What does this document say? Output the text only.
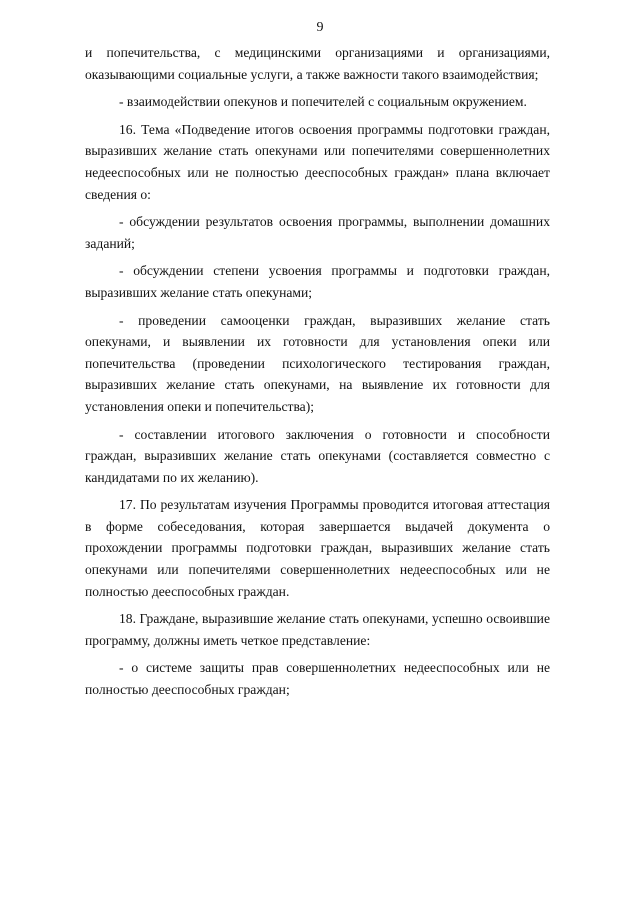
9

и попечительства, с медицинскими организациями и организациями, оказывающими социальные услуги, а также важности такого взаимодействия;

- взаимодействии опекунов и попечителей с социальным окружением.

16. Тема «Подведение итогов освоения программы подготовки граждан, выразивших желание стать опекунами или попечителями совершеннолетних недееспособных или не полностью дееспособных граждан» плана включает сведения о:

- обсуждении результатов освоения программы, выполнении домашних заданий;

- обсуждении степени усвоения программы и подготовки граждан, выразивших желание стать опекунами;

- проведении самооценки граждан, выразивших желание стать опекунами, и выявлении их готовности для установления опеки или попечительства (проведении психологического тестирования граждан, выразивших желание стать опекунами, на выявление их готовности для установления опеки и попечительства);

- составлении итогового заключения о готовности и способности граждан, выразивших желание стать опекунами (составляется совместно с кандидатами по их желанию).

17. По результатам изучения Программы проводится итоговая аттестация в форме собеседования, которая завершается выдачей документа о прохождении программы подготовки граждан, выразивших желание стать опекунами или попечителями совершеннолетних недееспособных или не полностью дееспособных граждан.

18. Граждане, выразившие желание стать опекунами, успешно освоившие программу, должны иметь четкое представление:

- о системе защиты прав совершеннолетних недееспособных или не полностью дееспособных граждан;
